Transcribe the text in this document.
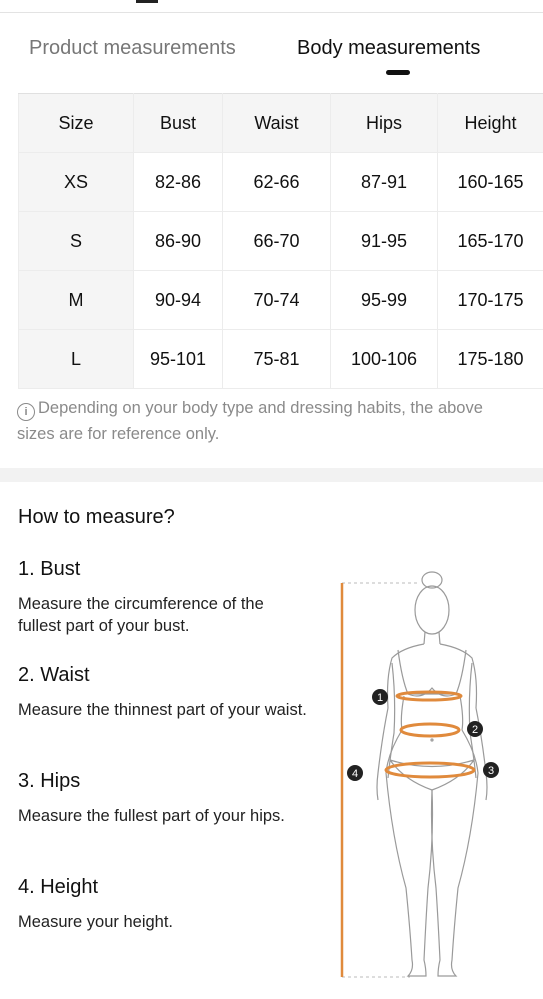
Product measurements	Body measurements
Size	Bust	Waist	Hips	Height
XS	82-86	62-66	87-91	160-165
S	86-90	66-70	91-95	165-170
M	90-94	70-74	95-99	170-175
L	95-101	75-81	100-106	175-180
i Depending on your body type and dressing habits, the above sizes are for reference only.
How to measure?
1. Bust
Measure the circumference of the fullest part of your bust.
2. Waist
Measure the thinnest part of your waist.
3. Hips
Measure the fullest part of your hips.
4. Height
Measure your height.
1
2
3
4
